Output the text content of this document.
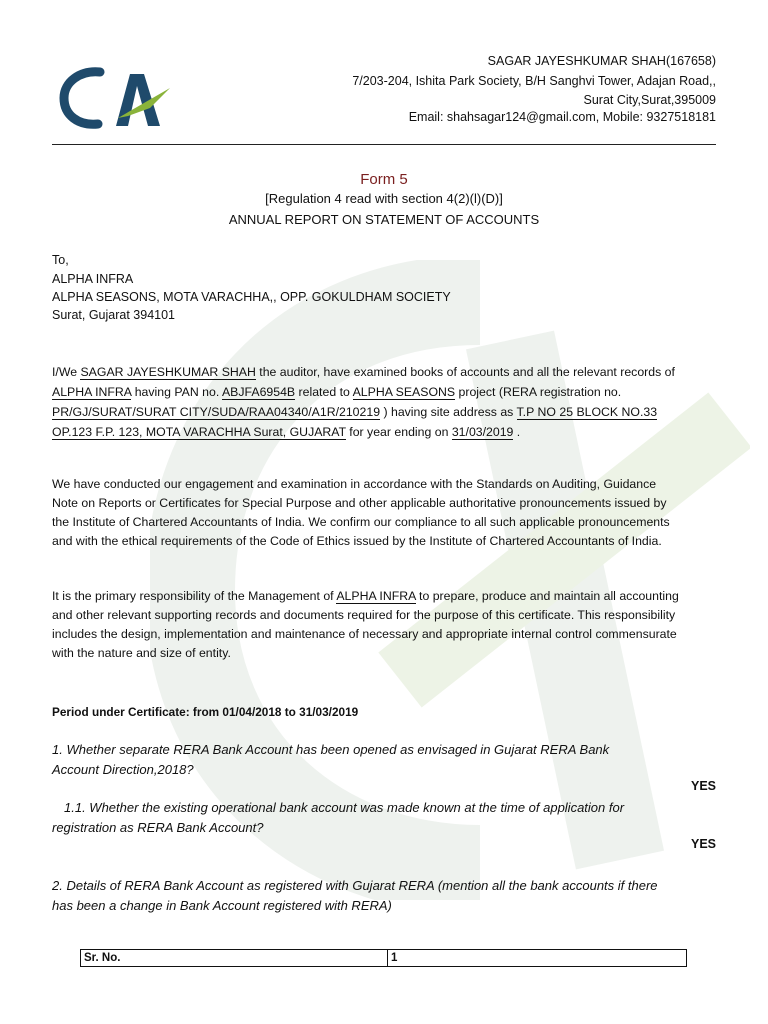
SAGAR JAYESHKUMAR SHAH(167658)
7/203-204, Ishita Park Society, B/H Sanghvi Tower, Adajan Road,,
Surat City,Surat,395009
Email: shahsagar124@gmail.com, Mobile: 9327518181
Form 5
[Regulation 4 read with section 4(2)(l)(D)]
ANNUAL REPORT ON STATEMENT OF ACCOUNTS
To,
ALPHA INFRA
ALPHA SEASONS, MOTA VARACHHA,, OPP. GOKULDHAM SOCIETY
Surat, Gujarat 394101
I/We SAGAR JAYESHKUMAR SHAH the auditor, have examined books of accounts and all the relevant records of
ALPHA INFRA having PAN no. ABJFA6954B related to ALPHA SEASONS project (RERA registration no.
PR/GJ/SURAT/SURAT CITY/SUDA/RAA04340/A1R/210219 ) having site address as T.P NO 25 BLOCK NO.33
OP.123 F.P. 123, MOTA VARACHHA Surat, GUJARAT for year ending on 31/03/2019 .
We have conducted our engagement and examination in accordance with the Standards on Auditing, Guidance
Note on Reports or Certificates for Special Purpose and other applicable authoritative pronouncements issued by
the Institute of Chartered Accountants of India. We confirm our compliance to all such applicable pronouncements
and with the ethical requirements of the Code of Ethics issued by the Institute of Chartered Accountants of India.
It is the primary responsibility of the Management of ALPHA INFRA to prepare, produce and maintain all accounting
and other relevant supporting records and documents required for the purpose of this certificate. This responsibility
includes the design, implementation and maintenance of necessary and appropriate internal control commensurate
with the nature and size of entity.
Period under Certificate: from 01/04/2018 to 31/03/2019
1. Whether separate RERA Bank Account has been opened as envisaged in Gujarat RERA Bank
Account Direction,2018?
YES
1.1. Whether the existing operational bank account was made known at the time of application for
registration as RERA Bank Account?
YES
2. Details of RERA Bank Account as registered with Gujarat RERA (mention all the bank accounts if there
has been a change in Bank Account registered with RERA)
Sr. No.	1
